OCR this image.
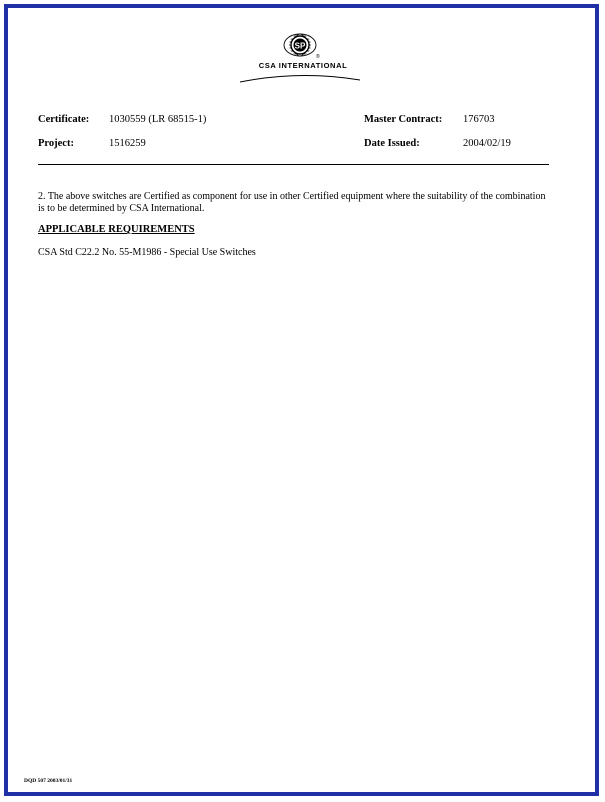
SP
®
CSA INTERNATIONAL
Certificate: 1030559 (LR 68515-1)
Project:	1516259
Master Contract: 176703
Date Issued:	2004/02/19
2. The above switches are Certified as component for use in other Certified equipment where the suitability of the combination is to be determined by CSA International.
APPLICABLE REQUIREMENTS
CSA Std C22.2 No. 55-M1986 - Special Use Switches
DQD 507 2003/01/31
